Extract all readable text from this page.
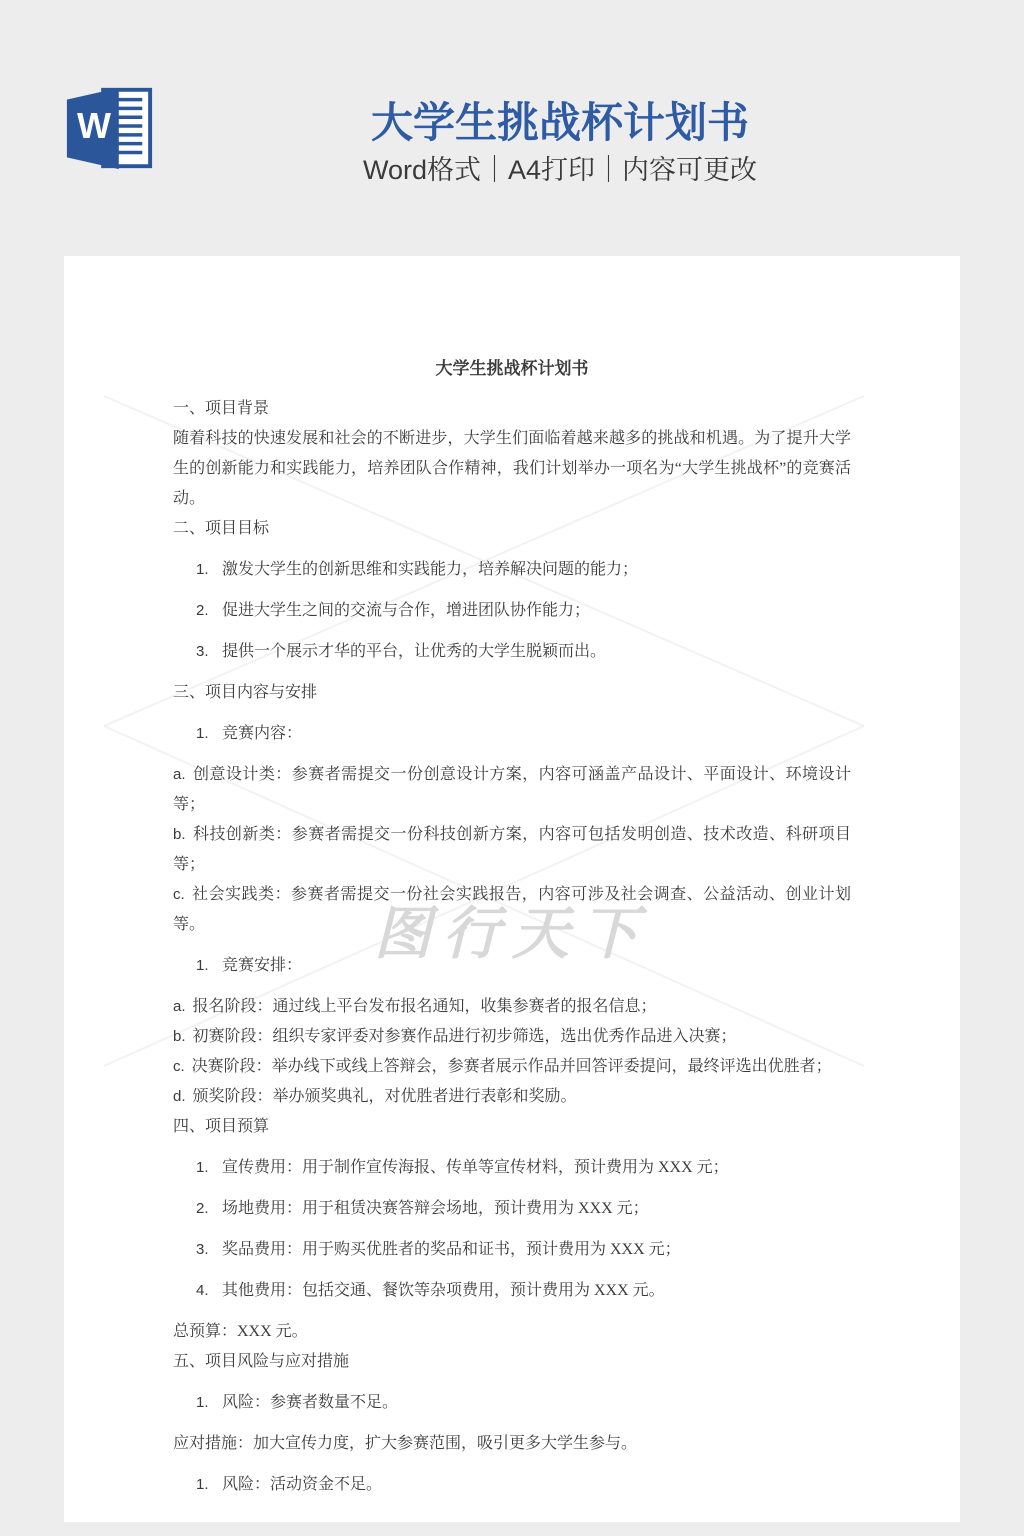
W	大学生挑战杯计划书
Word格式｜A4打印｜内容可更改
图行天下
大学生挑战杯计划书
一、项目背景
随着科技的快速发展和社会的不断进步，大学生们面临着越来越多的挑战和机遇。为了提升大学生的创新能力和实践能力，培养团队合作精神，我们计划举办一项名为“大学生挑战杯”的竞赛活动。
二、项目目标
1. 激发大学生的创新思维和实践能力，培养解决问题的能力；
2. 促进大学生之间的交流与合作，增进团队协作能力；
3. 提供一个展示才华的平台，让优秀的大学生脱颖而出。
三、项目内容与安排
1. 竞赛内容：
a. 创意设计类：参赛者需提交一份创意设计方案，内容可涵盖产品设计、平面设计、环境设计等；
b. 科技创新类：参赛者需提交一份科技创新方案，内容可包括发明创造、技术改造、科研项目等；
c. 社会实践类：参赛者需提交一份社会实践报告，内容可涉及社会调查、公益活动、创业计划等。
1. 竞赛安排：
a. 报名阶段：通过线上平台发布报名通知，收集参赛者的报名信息；
b. 初赛阶段：组织专家评委对参赛作品进行初步筛选，选出优秀作品进入决赛；
c. 决赛阶段：举办线下或线上答辩会，参赛者展示作品并回答评委提问，最终评选出优胜者；
d. 颁奖阶段：举办颁奖典礼，对优胜者进行表彰和奖励。
四、项目预算
1. 宣传费用：用于制作宣传海报、传单等宣传材料，预计费用为 XXX 元；
2. 场地费用：用于租赁决赛答辩会场地，预计费用为 XXX 元；
3. 奖品费用：用于购买优胜者的奖品和证书，预计费用为 XXX 元；
4. 其他费用：包括交通、餐饮等杂项费用，预计费用为 XXX 元。
总预算：XXX 元。
五、项目风险与应对措施
1. 风险：参赛者数量不足。
应对措施：加大宣传力度，扩大参赛范围，吸引更多大学生参与。
1. 风险：活动资金不足。
